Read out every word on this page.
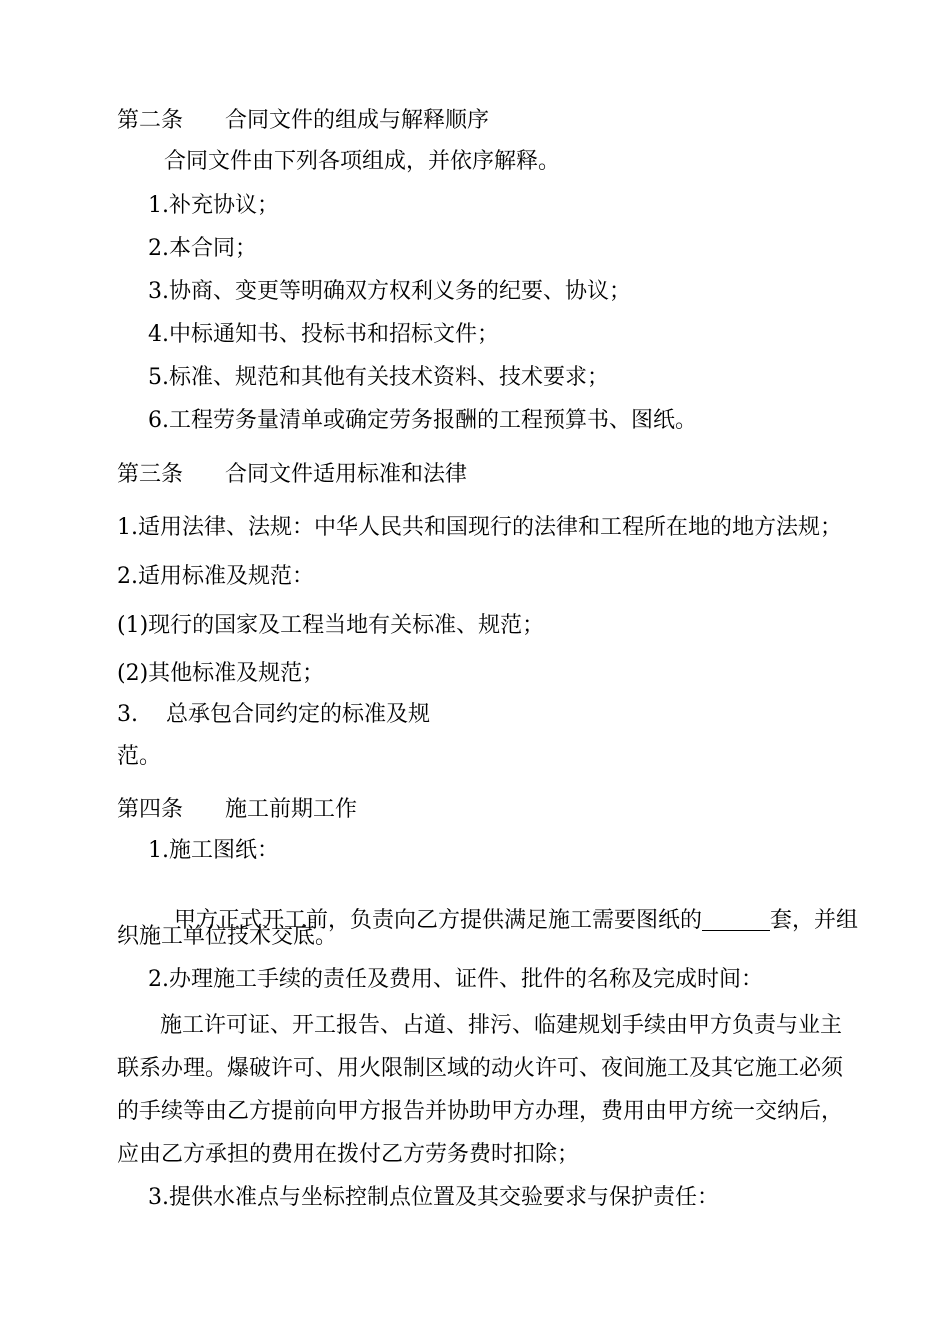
第二条      合同文件的组成与解释顺序
合同文件由下列各项组成，并依序解释。
1.补充协议；
2.本合同；
3.协商、变更等明确双方权利义务的纪要、协议；
4.中标通知书、投标书和招标文件；
5.标准、规范和其他有关技术资料、技术要求；
6.工程劳务量清单或确定劳务报酬的工程预算书、图纸。
第三条      合同文件适用标准和法律
1.适用法律、法规：中华人民共和国现行的法律和工程所在地的地方法规；
2.适用标准及规范：
(1)现行的国家及工程当地有关标准、规范；
(2)其他标准及规范；
3.    总承包合同约定的标准及规
范。
第四条      施工前期工作
1.施工图纸：

甲方正式开工前，负责向乙方提供满足施工需要图纸的	套，并组

织施工单位技术交底。
2.办理施工手续的责任及费用、证件、批件的名称及完成时间：
施工许可证、开工报告、占道、排污、临建规划手续由甲方负责与业主
联系办理。爆破许可、用火限制区域的动火许可、夜间施工及其它施工必须
的手续等由乙方提前向甲方报告并协助甲方办理，费用由甲方统一交纳后，
应由乙方承担的费用在拨付乙方劳务费时扣除；
3.提供水准点与坐标控制点位置及其交验要求与保护责任：
